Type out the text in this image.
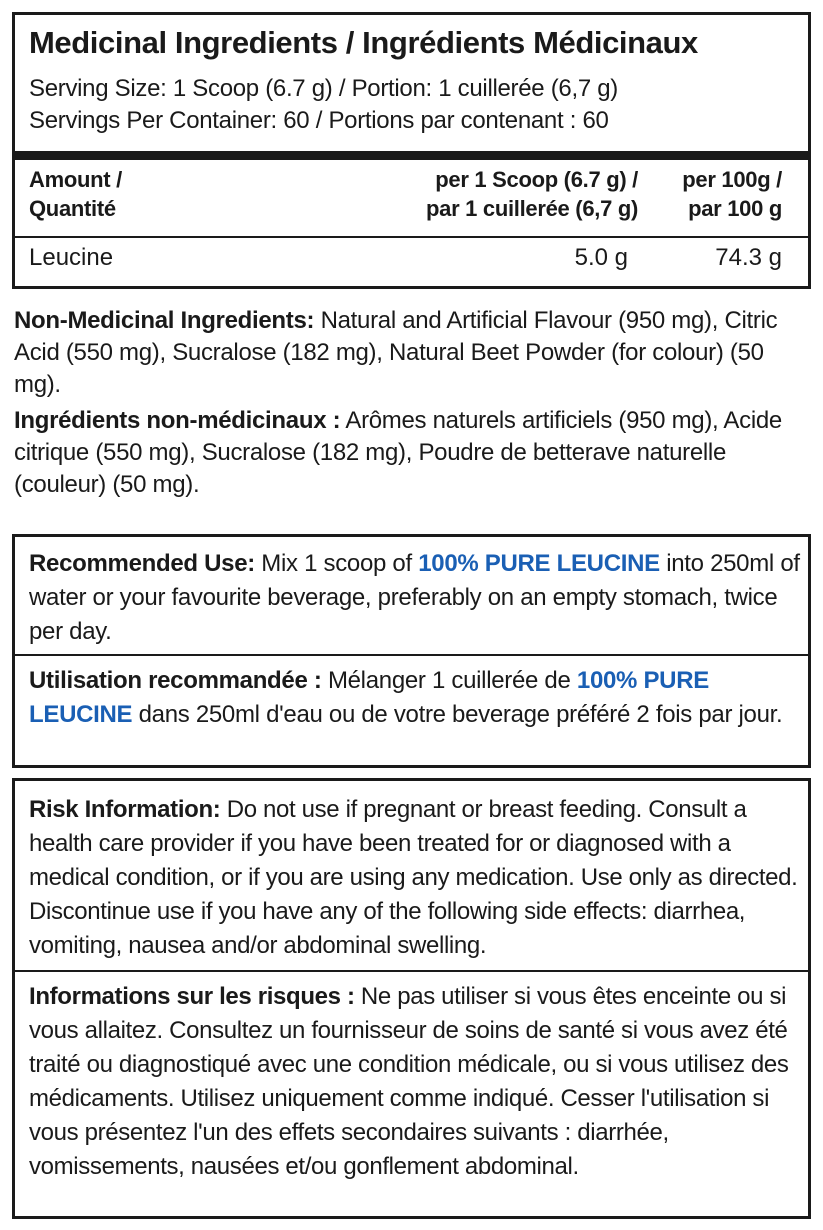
Medicinal Ingredients / Ingrédients Médicinaux
Serving Size: 1 Scoop (6.7 g) / Portion: 1 cuillerée (6,7 g)
Servings Per Container: 60 / Portions par contenant : 60
Amount /
Quantité
per 1 Scoop (6.7 g) /
par 1 cuillerée (6,7 g)
per 100g /
par 100 g
Leucine	5.0 g	74.3 g
Non-Medicinal Ingredients: Natural and Artificial Flavour (950 mg), Citric Acid (550 mg), Sucralose (182 mg), Natural Beet Powder (for colour) (50 mg).
Ingrédients non-médicinaux : Arômes naturels artificiels (950 mg), Acide citrique (550 mg), Sucralose (182 mg), Poudre de betterave naturelle (couleur) (50 mg).
Recommended Use: Mix 1 scoop of 100% PURE LEUCINE into 250ml of water or your favourite beverage, preferably on an empty stomach, twice per day.
Utilisation recommandée : Mélanger 1 cuillerée de 100% PURE LEUCINE dans 250ml d'eau ou de votre beverage préféré 2 fois par jour.
Risk Information: Do not use if pregnant or breast feeding. Consult a health care provider if you have been treated for or diagnosed with a medical condition, or if you are using any medication. Use only as directed. Discontinue use if you have any of the following side effects: diarrhea, vomiting, nausea and/or abdominal swelling.
Informations sur les risques : Ne pas utiliser si vous êtes enceinte ou si vous allaitez. Consultez un fournisseur de soins de santé si vous avez été traité ou diagnostiqué avec une condition médicale, ou si vous utilisez des médicaments. Utilisez uniquement comme indiqué. Cesser l'utilisation si vous présentez l'un des effets secondaires suivants : diarrhée, vomissements, nausées et/ou gonflement abdominal.
